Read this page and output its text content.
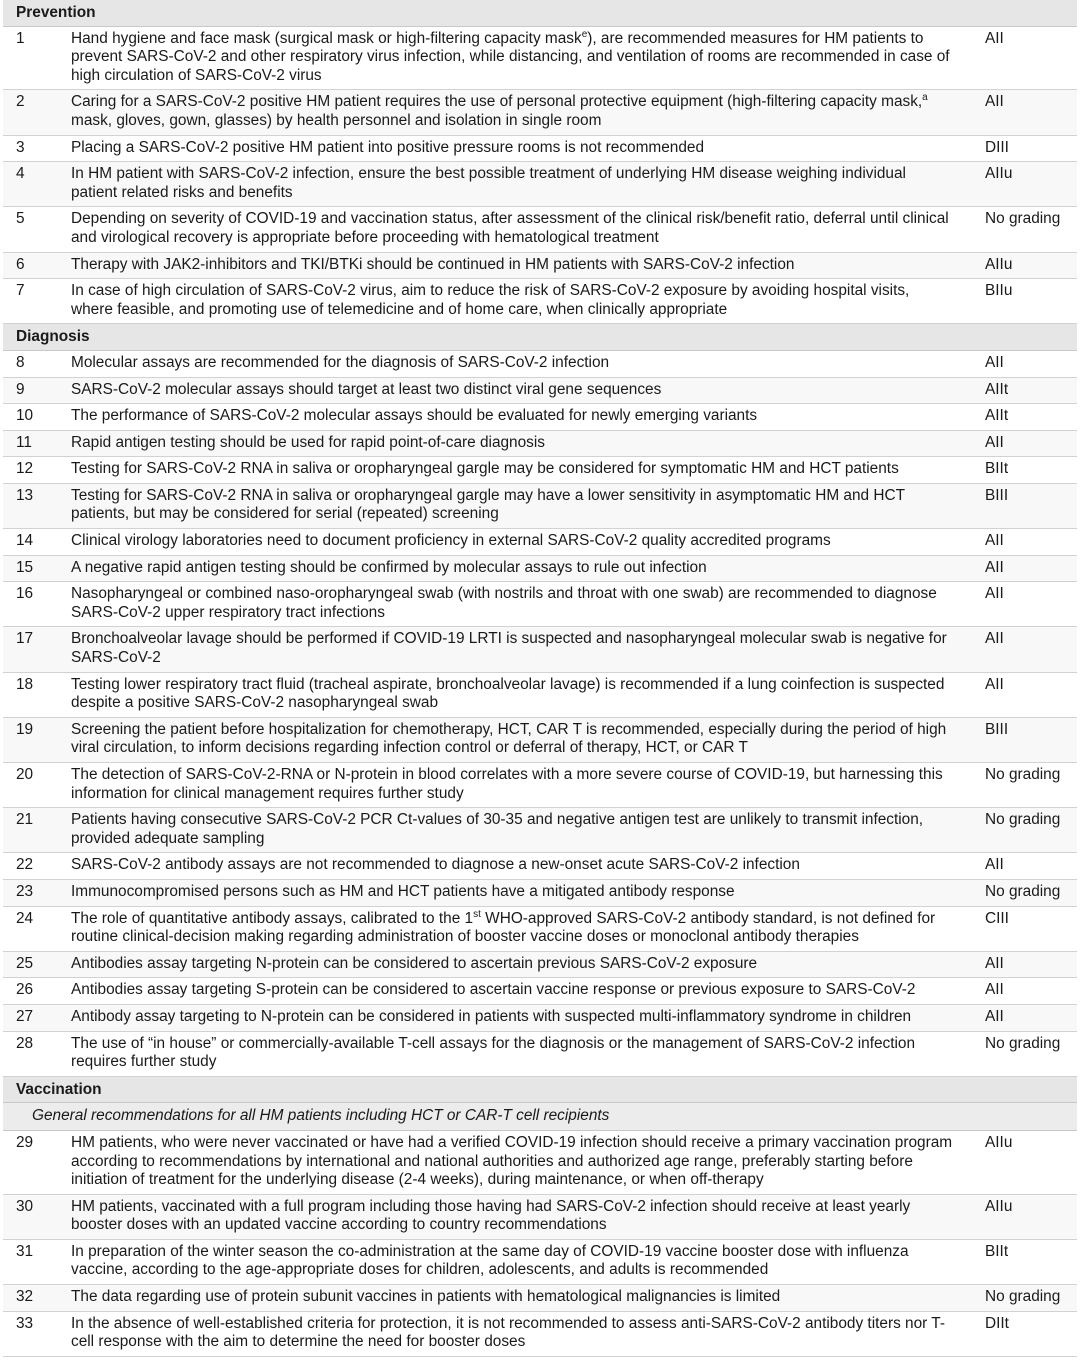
Prevention		
1	Hand hygiene and face mask (surgical mask or high-filtering capacity mask$^e$), are recommended measures for HM patients to prevent SARS-CoV-2 and other respiratory virus infection, while distancing, and ventilation of rooms are recommended in case of high circulation of SARS-CoV-2 virus	AII
2	Caring for a SARS-CoV-2 positive HM patient requires the use of personal protective equipment (high-filtering capacity mask,$^a$ mask, gloves, gown, glasses) by health personnel and isolation in single room	AII
3	Placing a SARS-CoV-2 positive HM patient into positive pressure rooms is not recommended	DIII
4	In HM patient with SARS-CoV-2 infection, ensure the best possible treatment of underlying HM disease weighing individual patient related risks and benefits	AIIu
5	Depending on severity of COVID-19 and vaccination status, after assessment of the clinical risk/benefit ratio, deferral until clinical and virological recovery is appropriate before proceeding with hematological treatment	No grading
6	Therapy with JAK2-inhibitors and TKI/BTKi should be continued in HM patients with SARS-CoV-2 infection	AIIu
7	In case of high circulation of SARS-CoV-2 virus, aim to reduce the risk of SARS-CoV-2 exposure by avoiding hospital visits, where feasible, and promoting use of telemedicine and of home care, when clinically appropriate	BIIu
Diagnosis		
8	Molecular assays are recommended for the diagnosis of SARS-CoV-2 infection	AII
9	SARS-CoV-2 molecular assays should target at least two distinct viral gene sequences	AIIt
10	The performance of SARS-CoV-2 molecular assays should be evaluated for newly emerging variants	AIIt
11	Rapid antigen testing should be used for rapid point-of-care diagnosis	AII
12	Testing for SARS-CoV-2 RNA in saliva or oropharyngeal gargle may be considered for symptomatic HM and HCT patients	BIIt
13	Testing for SARS-CoV-2 RNA in saliva or oropharyngeal gargle may have a lower sensitivity in asymptomatic HM and HCT patients, but may be considered for serial (repeated) screening	BIII
14	Clinical virology laboratories need to document proficiency in external SARS-CoV-2 quality accredited programs	AII
15	A negative rapid antigen testing should be confirmed by molecular assays to rule out infection	AII
16	Nasopharyngeal or combined naso-oropharyngeal swab (with nostrils and throat with one swab) are recommended to diagnose SARS-CoV-2 upper respiratory tract infections	AII
17	Bronchoalveolar lavage should be performed if COVID-19 LRTI is suspected and nasopharyngeal molecular swab is negative for SARS-CoV-2	AII
18	Testing lower respiratory tract fluid (tracheal aspirate, bronchoalveolar lavage) is recommended if a lung coinfection is suspected despite a positive SARS-CoV-2 nasopharyngeal swab	AII
19	Screening the patient before hospitalization for chemotherapy, HCT, CAR T is recommended, especially during the period of high viral circulation, to inform decisions regarding infection control or deferral of therapy, HCT, or CAR T	BIII
20	The detection of SARS-CoV-2-RNA or N-protein in blood correlates with a more severe course of COVID-19, but harnessing this information for clinical management requires further study	No grading
21	Patients having consecutive SARS-CoV-2 PCR Ct-values of 30-35 and negative antigen test are unlikely to transmit infection, provided adequate sampling	No grading
22	SARS-CoV-2 antibody assays are not recommended to diagnose a new-onset acute SARS-CoV-2 infection	AII
23	Immunocompromised persons such as HM and HCT patients have a mitigated antibody response	No grading
24	The role of quantitative antibody assays, calibrated to the 1st WHO-approved SARS-CoV-2 antibody standard, is not defined for routine clinical-decision making regarding administration of booster vaccine doses or monoclonal antibody therapies	CIII
25	Antibodies assay targeting N-protein can be considered to ascertain previous SARS-CoV-2 exposure	AII
26	Antibodies assay targeting S-protein can be considered to ascertain vaccine response or previous exposure to SARS-CoV-2	AII
27	Antibody assay targeting to N-protein can be considered in patients with suspected multi-inflammatory syndrome in children	AII
28	The use of “in house” or commercially-available T-cell assays for the diagnosis or the management of SARS-CoV-2 infection requires further study	No grading
Vaccination		
General recommendations for all HM patients including HCT or CAR-T cell recipients		
29	HM patients, who were never vaccinated or have had a verified COVID-19 infection should receive a primary vaccination program according to recommendations by international and national authorities and authorized age range, preferably starting before initiation of treatment for the underlying disease (2-4 weeks), during maintenance, or when off-therapy	AIIu
30	HM patients, vaccinated with a full program including those having had SARS-CoV-2 infection should receive at least yearly booster doses with an updated vaccine according to country recommendations	AIIu
31	In preparation of the winter season the co-administration at the same day of COVID-19 vaccine booster dose with influenza vaccine, according to the age-appropriate doses for children, adolescents, and adults is recommended	BIIt
32	The data regarding use of protein subunit vaccines in patients with hematological malignancies is limited	No grading
33	In the absence of well-established criteria for protection, it is not recommended to assess anti-SARS-CoV-2 antibody titers nor T-cell response with the aim to determine the need for booster doses	DIIt
